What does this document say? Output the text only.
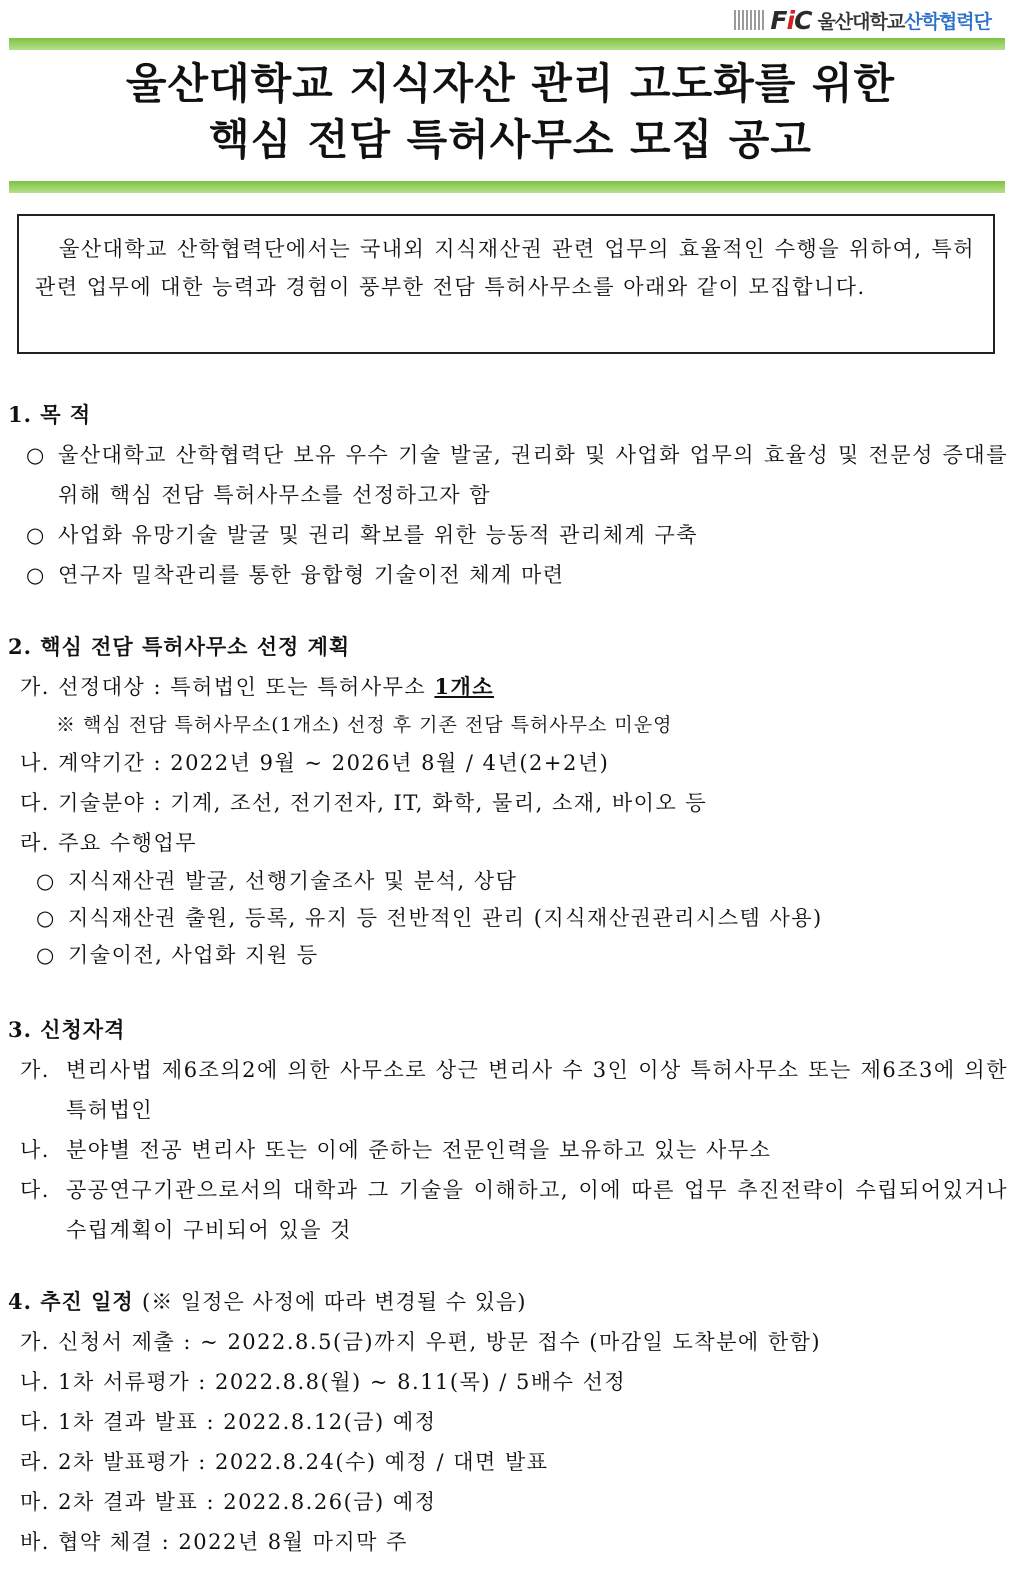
FiC 울산대학교 산학협력단
울산대학교 지식자산 관리 고도화를 위한
핵심 전담 특허사무소 모집 공고

울산대학교 산학협력단에서는 국내외 지식재산권 관련 업무의 효율적인 수행을 위하여, 특허 관련 업무에 대한 능력과 경험이 풍부한 전담 특허사무소를 아래와 같이 모집합니다.

1. 목 적
○ 울산대학교 산학협력단 보유 우수 기술 발굴, 권리화 및 사업화 업무의 효율성 및 전문성 증대를 위해 핵심 전담 특허사무소를 선정하고자 함
○ 사업화 유망기술 발굴 및 권리 확보를 위한 능동적 관리체계 구축
○ 연구자 밀착관리를 통한 융합형 기술이전 체계 마련
2. 핵심 전담 특허사무소 선정 계획
가. 선정대상 : 특허법인 또는 특허사무소 1개소
※ 핵심 전담 특허사무소(1개소) 선정 후 기존 전담 특허사무소 미운영
나. 계약기간 : 2022년 9월 ~ 2026년 8월 / 4년(2+2년)
다. 기술분야 : 기계, 조선, 전기전자, IT, 화학, 물리, 소재, 바이오 등
라. 주요 수행업무
○ 지식재산권 발굴, 선행기술조사 및 분석, 상담
○ 지식재산권 출원, 등록, 유지 등 전반적인 관리 (지식재산권관리시스템 사용)
○ 기술이전, 사업화 지원 등
3. 신청자격
가. 변리사법 제6조의2에 의한 사무소로 상근 변리사 수 3인 이상 특허사무소 또는 제6조3에 의한 특허법인
나. 분야별 전공 변리사 또는 이에 준하는 전문인력을 보유하고 있는 사무소
다. 공공연구기관으로서의 대학과 그 기술을 이해하고, 이에 따른 업무 추진전략이 수립되어있거나 수립계획이 구비되어 있을 것
4. 추진 일정 (※ 일정은 사정에 따라 변경될 수 있음)
가. 신청서 제출 : ~ 2022.8.5(금)까지 우편, 방문 접수 (마감일 도착분에 한함)
나. 1차 서류평가 : 2022.8.8(월) ~ 8.11(목) / 5배수 선정
다. 1차 결과 발표 : 2022.8.12(금) 예정
라. 2차 발표평가 : 2022.8.24(수) 예정 / 대면 발표
마. 2차 결과 발표 : 2022.8.26(금) 예정
바. 협약 체결 : 2022년 8월 마지막 주
